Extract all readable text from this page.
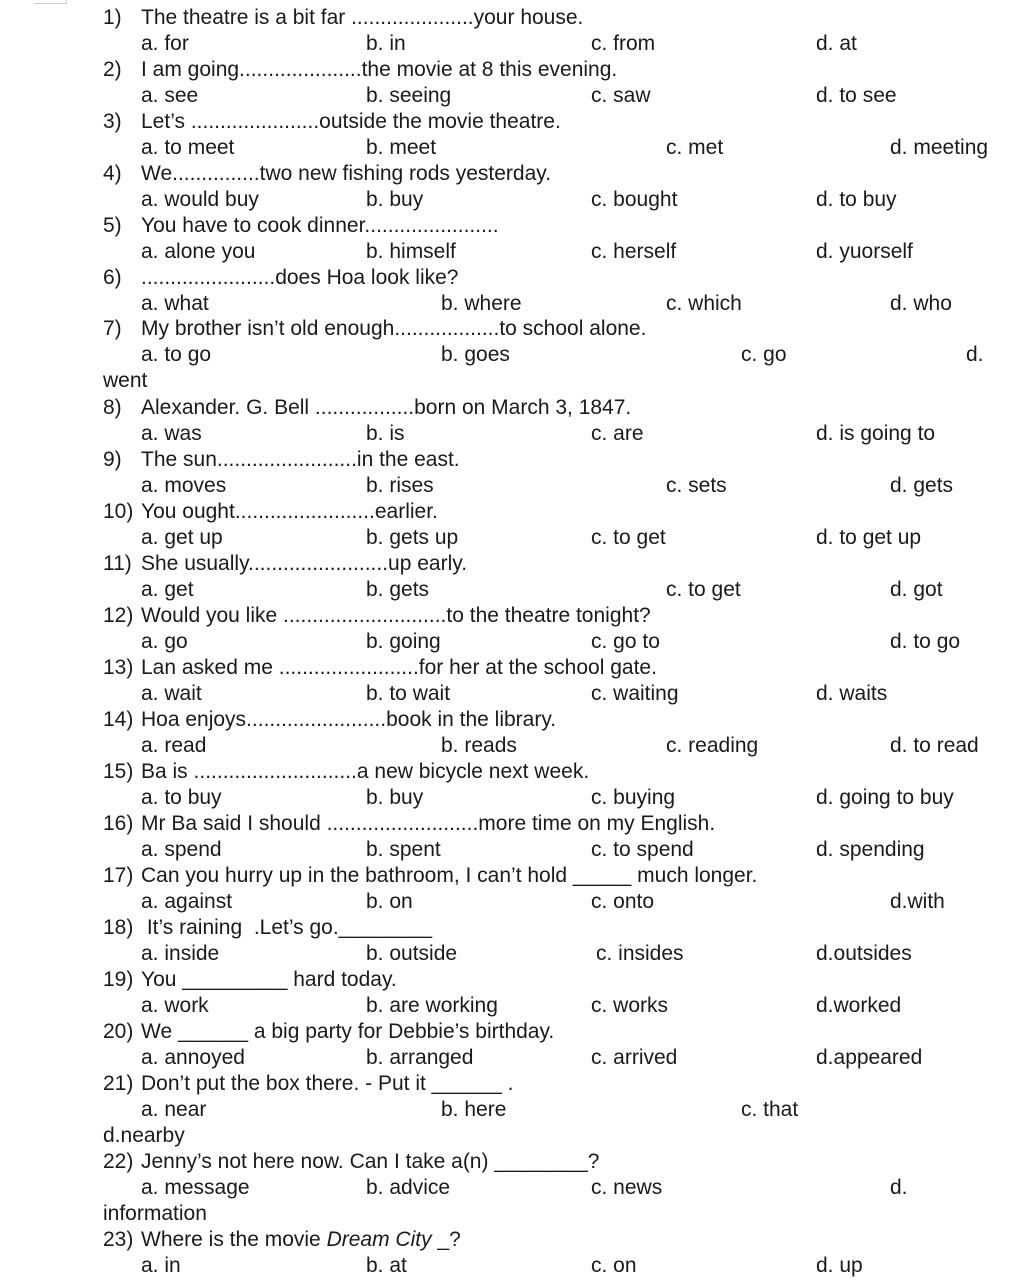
1) The theatre is a bit far .....................your house.
a. for	b. in	c. from	d. at
2) I am going.....................the movie at 8 this evening.
a. see	b. seeing	c. saw	d. to see
3) Let’s ......................outside the movie theatre.
a. to meet	b. meet	c. met	d. meeting
4) We...............two new fishing rods yesterday.
a. would buy	b. buy	c. bought	d. to buy
5) You have to cook dinner.......................
a. alone you	b. himself	c. herself	d. yuorself
6) .......................does Hoa look like?
a. what	b. where	c. which	d. who
7) My brother isn’t old enough..................to school alone.
a. to go	b. goes	c. go	d.
went
8) Alexander. G. Bell .................born on March 3, 1847.
a. was	b. is	c. are	d. is going to
9) The sun........................in the east.
a. moves	b. rises	c. sets	d. gets
10) You ought........................earlier.
a. get up	b. gets up	c. to get	d. to get up
11) She usually........................up early.
a. get	b. gets	c. to get	d. got
12) Would you like ............................to the theatre tonight?
a. go	b. going	c. go to	d. to go
13) Lan asked me ........................for her at the school gate.
a. wait	b. to wait	c. waiting	d. waits
14) Hoa enjoys........................book in the library.
a. read	b. reads	c. reading	d. to read
15) Ba is ............................a new bicycle next week.
a. to buy	b. buy	c. buying	d. going to buy
16) Mr Ba said I should ..........................more time on my English.
a. spend	b. spent	c. to spend	d. spending
17) Can you hurry up in the bathroom, I can’t hold _____ much longer.
a. against	b. on	c. onto	d.with
18) It’s raining  .Let’s go.________
a. inside	b. outside	c. insides	d.outsides
19) You _________ hard today.
a. work	b. are working	c. works	d.worked
20) We ______ a big party for Debbie’s birthday.
a. annoyed	b. arranged	c. arrived	d.appeared
21) Don’t put the box there. - Put it ______ .
a. near	b. here	c. that
d.nearby
22) Jenny’s not here now. Can I take a(n) ________?
a. message	b. advice	c. news	d.
information
23) Where is the movie Dream City _?
a. in	b. at	c. on	d. up
